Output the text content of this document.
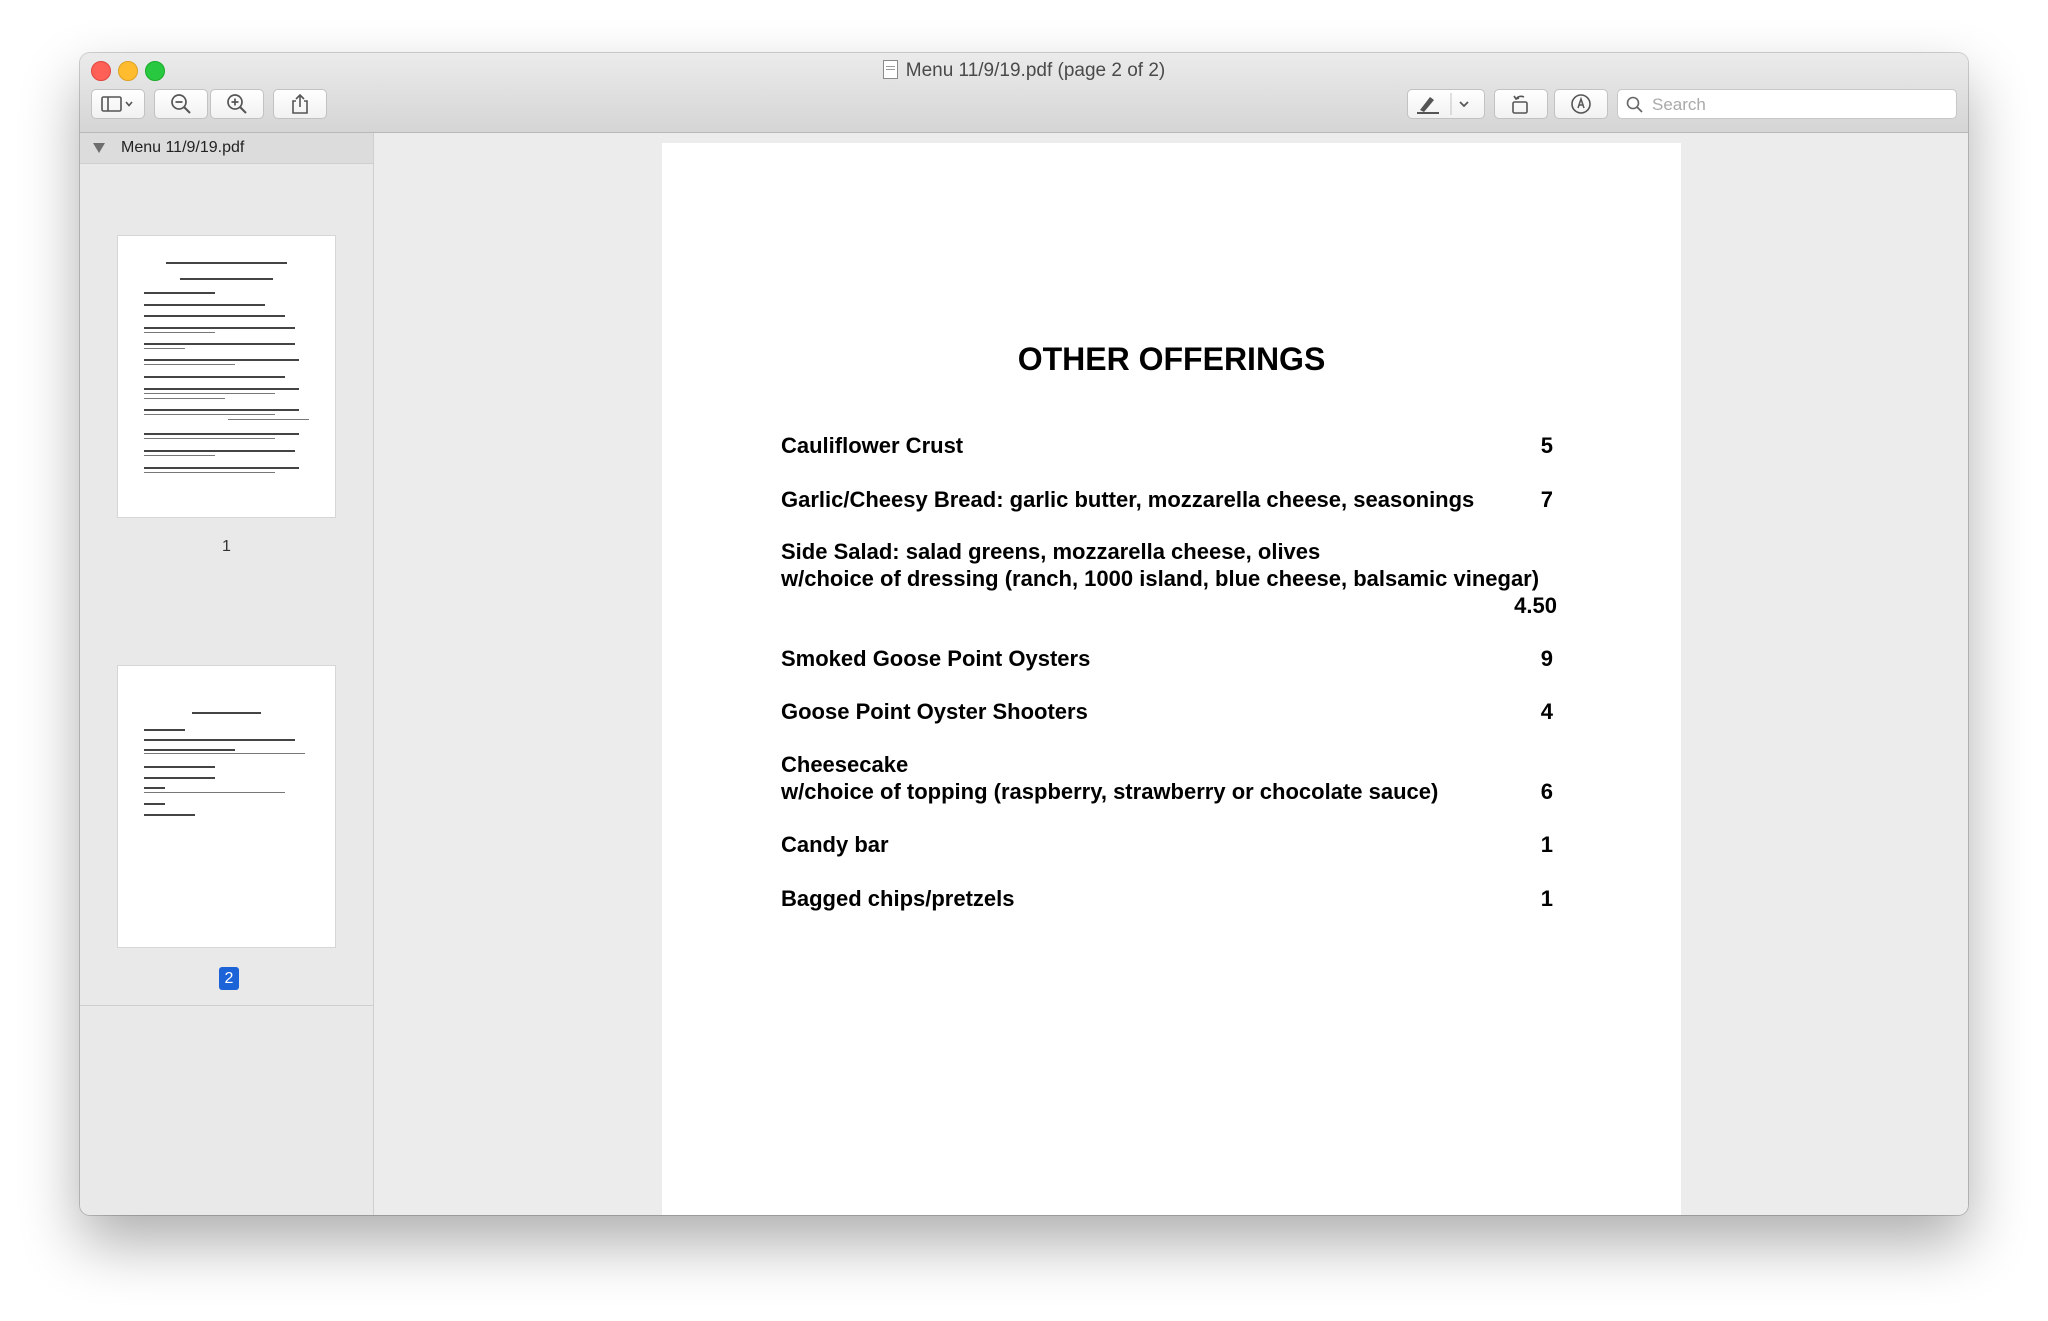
Menu 11/9/19.pdf (page 2 of 2)
Search
Menu 11/9/19.pdf
1
2
OTHER OFFERINGS
Cauliflower Crust	5
Garlic/Cheesy Bread: garlic butter, mozzarella cheese, seasonings	7
Side Salad: salad greens, mozzarella cheese, olives
w/choice of dressing (ranch, 1000 island, blue cheese, balsamic vinegar)
4.50
Smoked Goose Point Oysters	9
Goose Point Oyster Shooters	4
Cheesecake
w/choice of topping (raspberry, strawberry or chocolate sauce)	6
Candy bar	1
Bagged chips/pretzels	1
